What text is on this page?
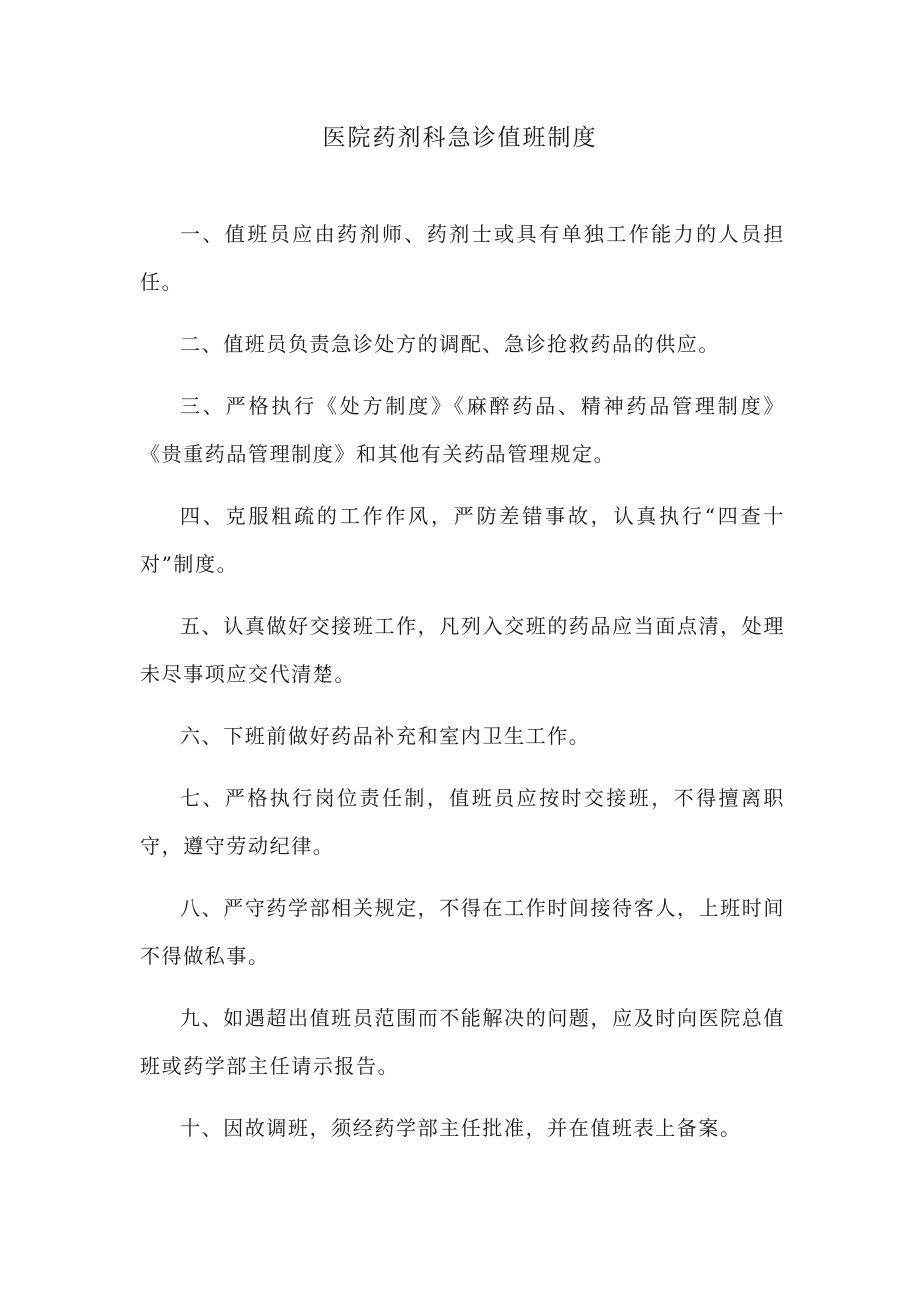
医院药剂科急诊值班制度

一、值班员应由药剂师、药剂士或具有单独工作能力的人员担任。

二、值班员负责急诊处方的调配、急诊抢救药品的供应。

三、严格执行《处方制度》《麻醉药品、精神药品管理制度》《贵重药品管理制度》和其他有关药品管理规定。

四、克服粗疏的工作作风，严防差错事故，认真执行“四查十对”制度。

五、认真做好交接班工作，凡列入交班的药品应当面点清，处理未尽事项应交代清楚。

六、下班前做好药品补充和室内卫生工作。

七、严格执行岗位责任制，值班员应按时交接班，不得擅离职守，遵守劳动纪律。

八、严守药学部相关规定，不得在工作时间接待客人，上班时间不得做私事。

九、如遇超出值班员范围而不能解决的问题，应及时向医院总值班或药学部主任请示报告。

十、因故调班，须经药学部主任批准，并在值班表上备案。
